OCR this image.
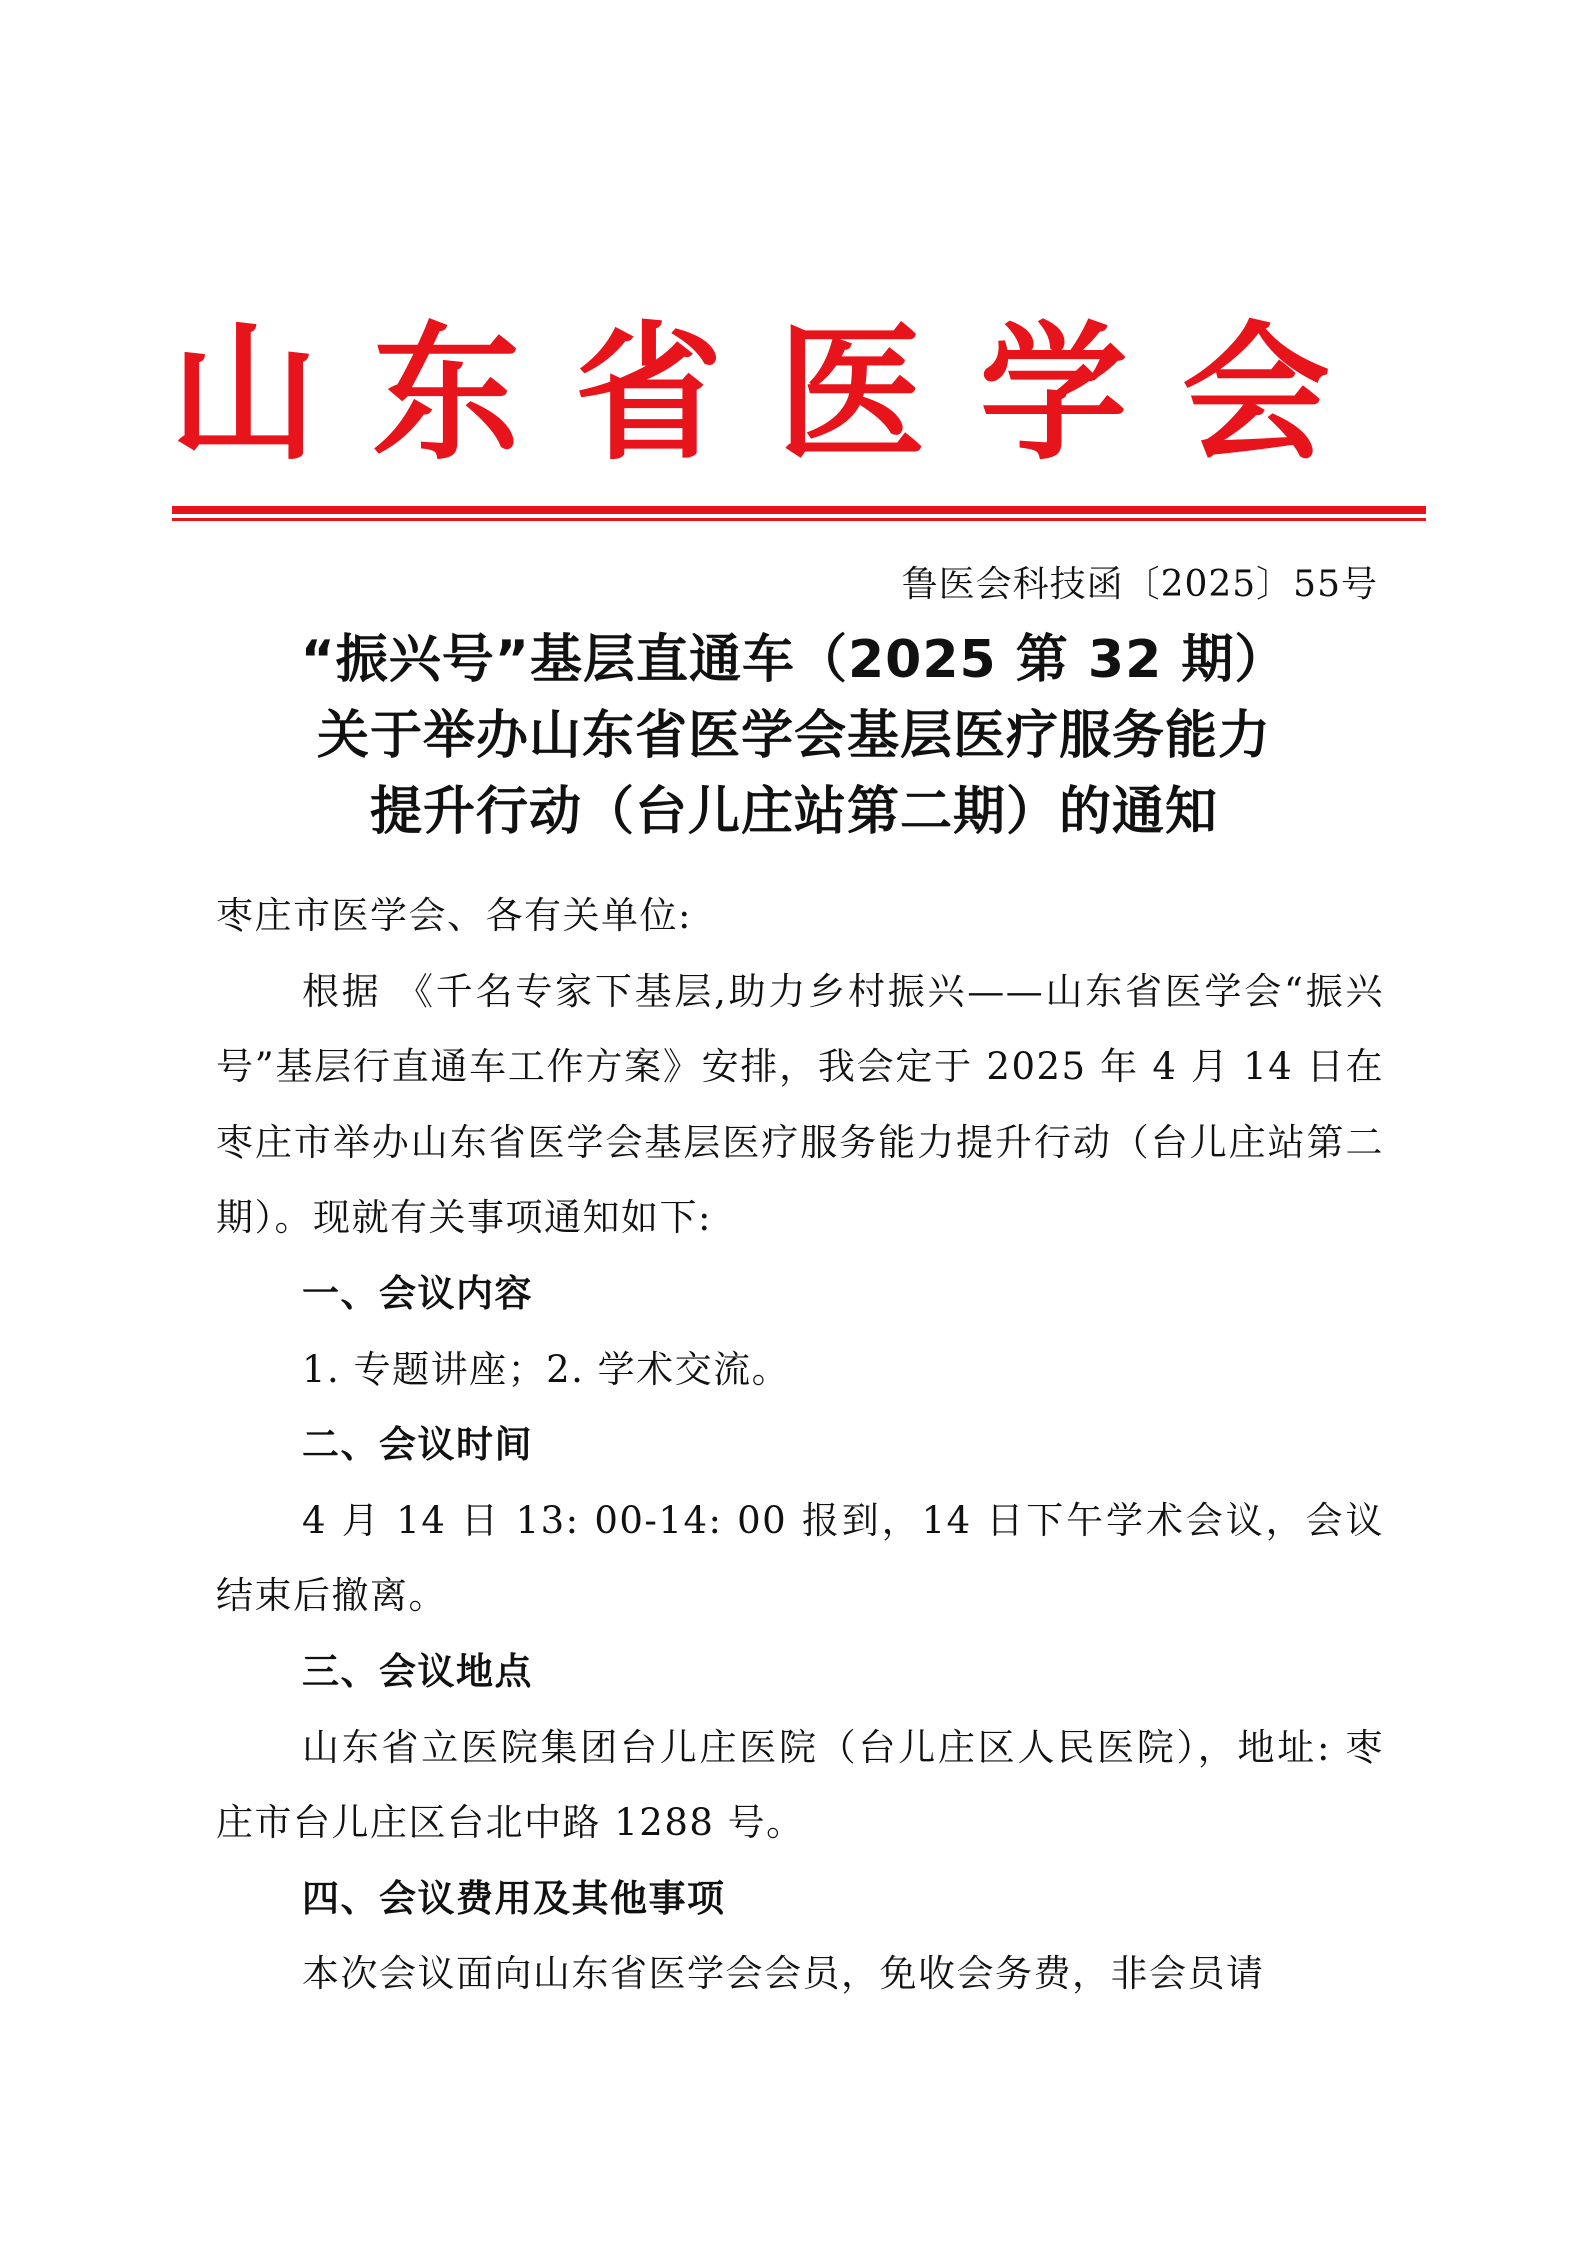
山 东 省 医 学 会
鲁医会科技函〔2025〕55号
“振兴号”基层直通车（2025 第 32 期）
关于举办山东省医学会基层医疗服务能力
提升行动（台儿庄站第二期）的通知

枣庄市医学会、各有关单位:

根据 《千名专家下基层,助力乡村振兴——山东省医学会“振兴号”基层行直通车工作方案》安排，我会定于 2025 年 4 月 14 日在枣庄市举办山东省医学会基层医疗服务能力提升行动（台儿庄站第二期）。现就有关事项通知如下:

一、会议内容

1. 专题讲座；2. 学术交流。

二、会议时间

4 月 14 日 13: 00-14: 00 报到，14 日下午学术会议，会议结束后撤离。

三、会议地点

山东省立医院集团台儿庄医院（台儿庄区人民医院），地址: 枣庄市台儿庄区台北中路 1288 号。

四、会议费用及其他事项

本次会议面向山东省医学会会员，免收会务费，非会员请
